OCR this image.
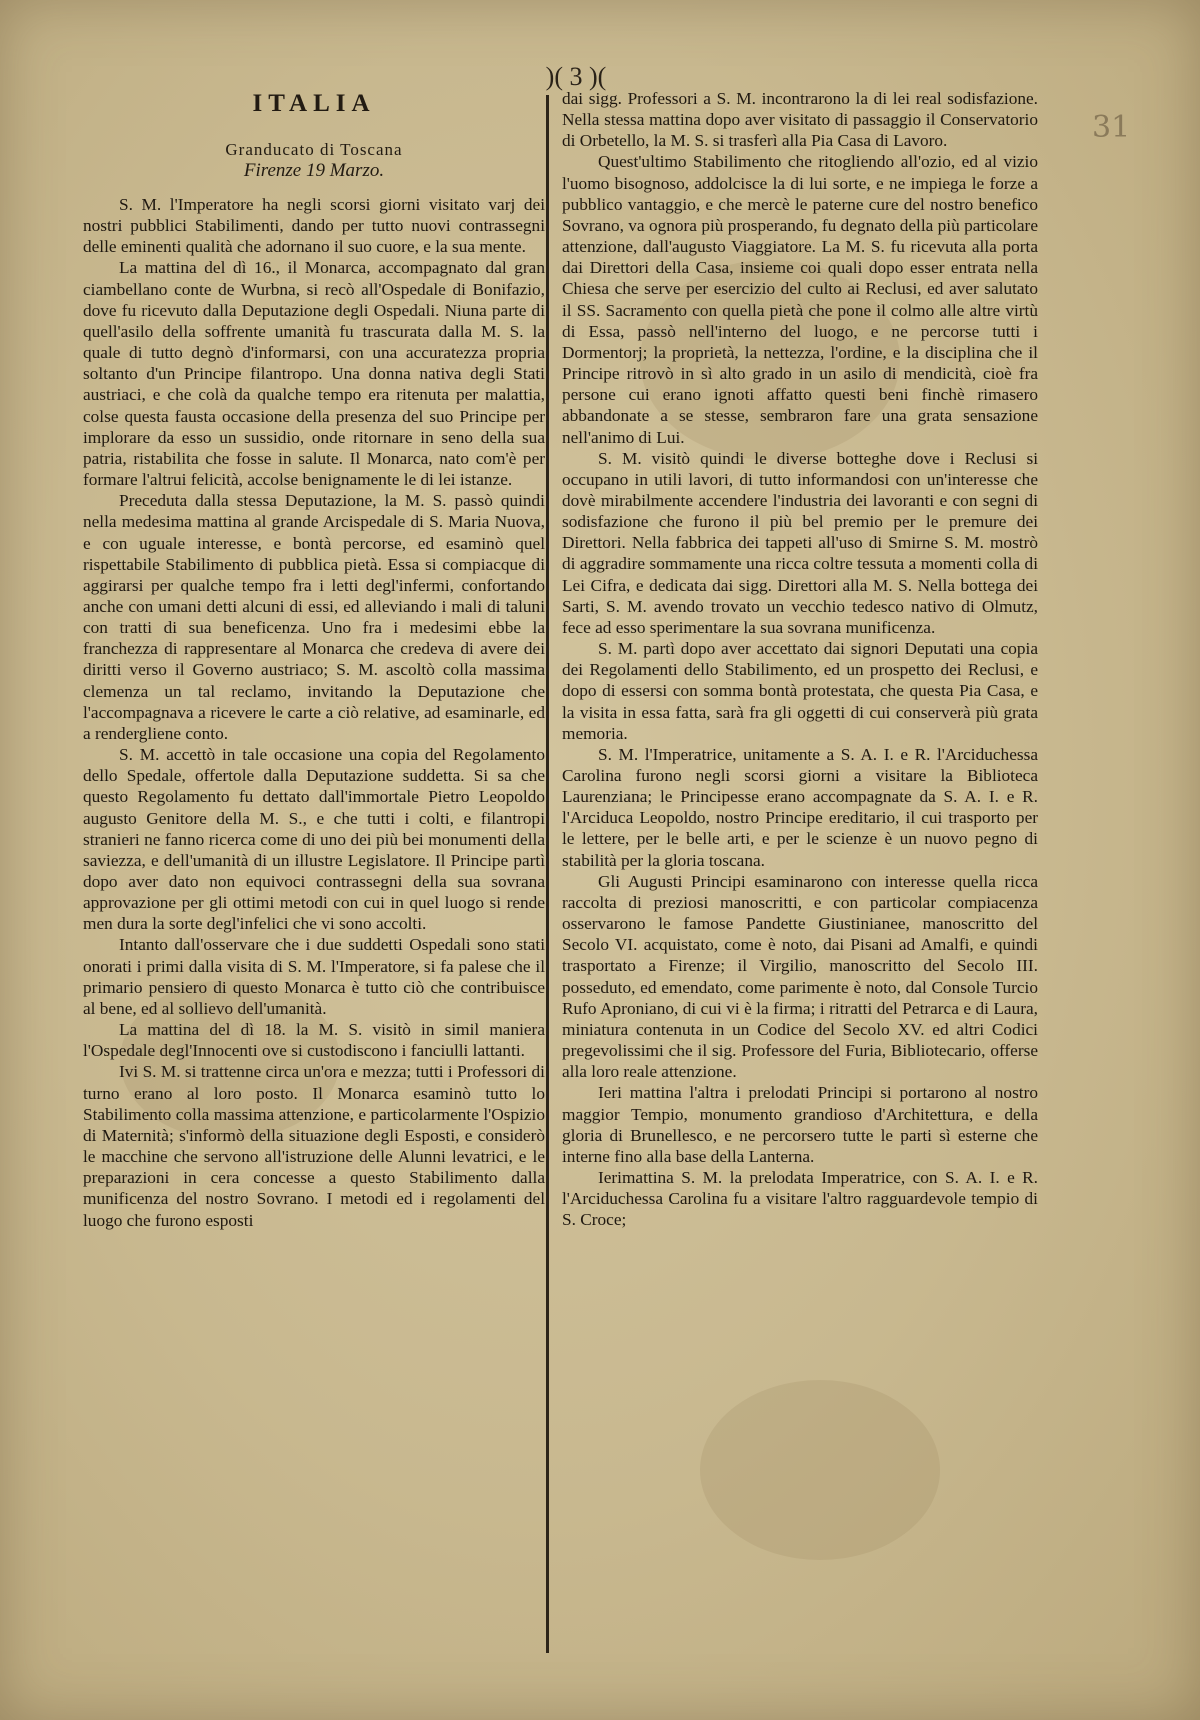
)( 3 )(
31
ITALIA
Granducato di Toscana
Firenze 19 Marzo.

S. M. l'Imperatore ha negli scorsi giorni visitato varj dei nostri pubblici Stabilimenti, dando per tutto nuovi contrassegni delle eminenti qualità che adornano il suo cuore, e la sua mente.

La mattina del dì 16., il Monarca, accompagnato dal gran ciambellano conte de Wurbna, si recò all'Ospedale di Bonifazio, dove fu ricevuto dalla Deputazione degli Ospedali. Niuna parte di quell'asilo della soffrente umanità fu trascurata dalla M. S. la quale di tutto degnò d'informarsi, con una accuratezza propria soltanto d'un Principe filantropo. Una donna nativa degli Stati austriaci, e che colà da qualche tempo era ritenuta per malattia, colse questa fausta occasione della presenza del suo Principe per implorare da esso un sussidio, onde ritornare in seno della sua patria, ristabilita che fosse in salute. Il Monarca, nato com'è per formare l'altrui felicità, accolse benignamente le di lei istanze.

Preceduta dalla stessa Deputazione, la M. S. passò quindi nella medesima mattina al grande Arcispedale di S. Maria Nuova, e con uguale interesse, e bontà percorse, ed esaminò quel rispettabile Stabilimento di pubblica pietà. Essa si compiacque di aggirarsi per qualche tempo fra i letti degl'infermi, confortando anche con umani detti alcuni di essi, ed alleviando i mali di taluni con tratti di sua beneficenza. Uno fra i medesimi ebbe la franchezza di rappresentare al Monarca che credeva di avere dei diritti verso il Governo austriaco; S. M. ascoltò colla massima clemenza un tal reclamo, invitando la Deputazione che l'accompagnava a ricevere le carte a ciò relative, ad esaminarle, ed a rendergliene conto.

S. M. accettò in tale occasione una copia del Regolamento dello Spedale, offertole dalla Deputazione suddetta. Si sa che questo Regolamento fu dettato dall'immortale Pietro Leopoldo augusto Genitore della M. S., e che tutti i colti, e filantropi stranieri ne fanno ricerca come di uno dei più bei monumenti della saviezza, e dell'umanità di un illustre Legislatore. Il Principe partì dopo aver dato non equivoci contrassegni della sua sovrana approvazione per gli ottimi metodi con cui in quel luogo si rende men dura la sorte degl'infelici che vi sono accolti.

Intanto dall'osservare che i due suddetti Ospedali sono stati onorati i primi dalla visita di S. M. l'Imperatore, si fa palese che il primario pensiero di questo Monarca è tutto ciò che contribuisce al bene, ed al sollievo dell'umanità.

La mattina del dì 18. la M. S. visitò in simil maniera l'Ospedale degl'Innocenti ove si custodiscono i fanciulli lattanti.

Ivi S. M. si trattenne circa un'ora e mezza; tutti i Professori di turno erano al loro posto. Il Monarca esaminò tutto lo Stabilimento colla massima attenzione, e particolarmente l'Ospizio di Maternità; s'informò della situazione degli Esposti, e considerò le macchine che servono all'istruzione delle Alunni levatrici, e le preparazioni in cera concesse a questo Stabilimento dalla munificenza del nostro Sovrano. I metodi ed i regolamenti del luogo che furono esposti

dai sigg. Professori a S. M. incontrarono la di lei real sodisfazione. Nella stessa mattina dopo aver visitato di passaggio il Conservatorio di Orbetello, la M. S. si trasferì alla Pia Casa di Lavoro.

Quest'ultimo Stabilimento che ritogliendo all'ozio, ed al vizio l'uomo bisognoso, addolcisce la di lui sorte, e ne impiega le forze a pubblico vantaggio, e che mercè le paterne cure del nostro benefico Sovrano, va ognora più prosperando, fu degnato della più particolare attenzione, dall'augusto Viaggiatore. La M. S. fu ricevuta alla porta dai Direttori della Casa, insieme coi quali dopo esser entrata nella Chiesa che serve per esercizio del culto ai Reclusi, ed aver salutato il SS. Sacramento con quella pietà che pone il colmo alle altre virtù di Essa, passò nell'interno del luogo, e ne percorse tutti i Dormentorj; la proprietà, la nettezza, l'ordine, e la disciplina che il Principe ritrovò in sì alto grado in un asilo di mendicità, cioè fra persone cui erano ignoti affatto questi beni finchè rimasero abbandonate a se stesse, sembraron fare una grata sensazione nell'animo di Lui.

S. M. visitò quindi le diverse botteghe dove i Reclusi si occupano in utili lavori, di tutto informandosi con un'interesse che dovè mirabilmente accendere l'industria dei lavoranti e con segni di sodisfazione che furono il più bel premio per le premure dei Direttori. Nella fabbrica dei tappeti all'uso di Smirne S. M. mostrò di aggradire sommamente una ricca coltre tessuta a momenti colla di Lei Cifra, e dedicata dai sigg. Direttori alla M. S. Nella bottega dei Sarti, S. M. avendo trovato un vecchio tedesco nativo di Olmutz, fece ad esso sperimentare la sua sovrana munificenza.

S. M. partì dopo aver accettato dai signori Deputati una copia dei Regolamenti dello Stabilimento, ed un prospetto dei Reclusi, e dopo di essersi con somma bontà protestata, che questa Pia Casa, e la visita in essa fatta, sarà fra gli oggetti di cui conserverà più grata memoria.

S. M. l'Imperatrice, unitamente a S. A. I. e R. l'Arciduchessa Carolina furono negli scorsi giorni a visitare la Biblioteca Laurenziana; le Principesse erano accompagnate da S. A. I. e R. l'Arciduca Leopoldo, nostro Principe ereditario, il cui trasporto per le lettere, per le belle arti, e per le scienze è un nuovo pegno di stabilità per la gloria toscana.

Gli Augusti Principi esaminarono con interesse quella ricca raccolta di preziosi manoscritti, e con particolar compiacenza osservarono le famose Pandette Giustinianee, manoscritto del Secolo VI. acquistato, come è noto, dai Pisani ad Amalfi, e quindi trasportato a Firenze; il Virgilio, manoscritto del Secolo III. posseduto, ed emendato, come parimente è noto, dal Console Turcio Rufo Aproniano, di cui vi è la firma; i ritratti del Petrarca e di Laura, miniatura contenuta in un Codice del Secolo XV. ed altri Codici pregevolissimi che il sig. Professore del Furia, Bibliotecario, offerse alla loro reale attenzione.

Ieri mattina l'altra i prelodati Principi si portarono al nostro maggior Tempio, monumento grandioso d'Architettura, e della gloria di Brunellesco, e ne percorsero tutte le parti sì esterne che interne fino alla base della Lanterna.

Ierimattina S. M. la prelodata Imperatrice, con S. A. I. e R. l'Arciduchessa Carolina fu a visitare l'altro ragguardevole tempio di S. Croce;
